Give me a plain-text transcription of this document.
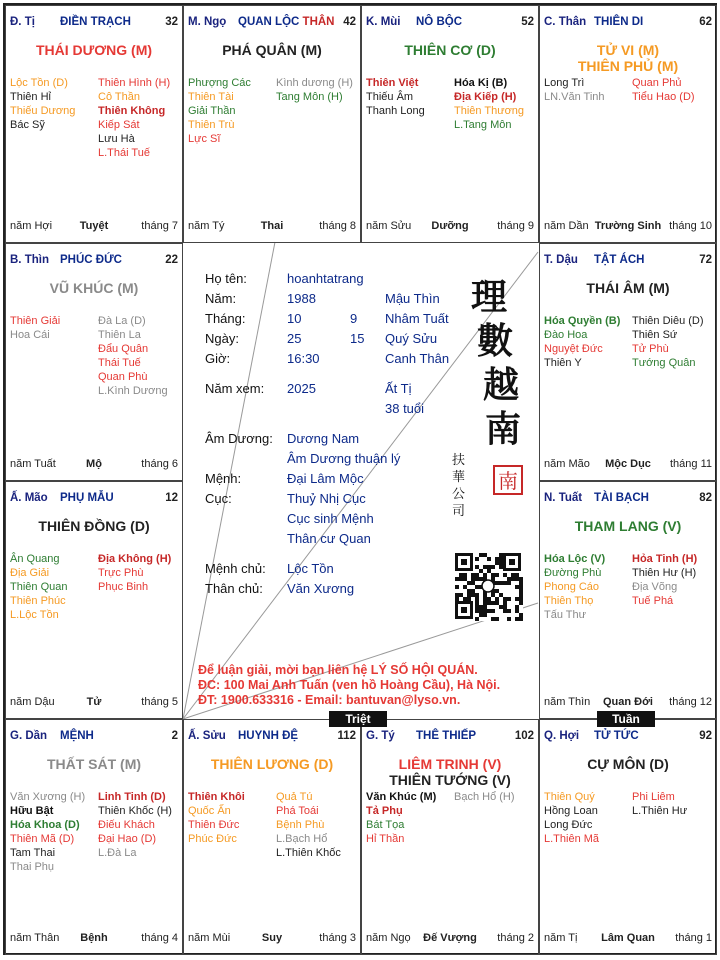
Đ. Tị ĐIỀN TRẠCH	32
THÁI DƯƠNG (M)
Lộc Tồn (D)
Thiên Hỉ
Thiếu Dương
Bác Sỹ
Thiên Hình (H)
Cô Thần
Thiên Không
Kiếp Sát
Lưu Hà
L.Thái Tuế
năm Hợi	Tuyệt	tháng 7
M. Ngọ QUAN LỘC THÂN 42
PHÁ QUÂN (M)
Phượng Các
Thiên Tài
Giải Thần
Thiên Trù
Lực Sĩ
Kình dương (H)
Tang Môn (H)
năm Tý	Thai	tháng 8
K. Mùi NÔ BỘC	52
THIÊN CƠ (D)
Thiên Việt
Thiếu Âm
Thanh Long
Hóa Kị (B)
Địa Kiếp (H)
Thiên Thương
L.Tang Môn
năm Sửu	Dưỡng	tháng 9
C. Thân THIÊN DI	62
TỬ VI (M)
THIÊN PHỦ (M)
Long Trì
LN.Văn Tinh
Quan Phủ
Tiểu Hao (D)
năm Dần Trường Sinh tháng 10
B. Thìn PHÚC ĐỨC	22
VŨ KHÚC (M)
Thiên Giải
Hoa Cái
Đà La (D)
Thiên La
Đẩu Quân
Thái Tuế
Quan Phù
L.Kình Dương
năm Tuất	Mộ	tháng 6
T. Dậu TẬT ÁCH	72
THÁI ÂM (M)
Hóa Quyền (B)
Đào Hoa
Nguyệt Đức
Thiên Y
Thiên Diêu (D)
Thiên Sứ
Tử Phù
Tướng Quân
năm Mão	Mộc Dục	tháng 11
Ấ. Mão PHỤ MẪU	12
THIÊN ĐỒNG (D)
Ân Quang
Địa Giải
Thiên Quan
Thiên Phúc
L.Lộc Tồn
Địa Không (H)
Trực Phù
Phục Binh
năm Dậu	Tử	tháng 5
N. Tuất TÀI BẠCH	82
THAM LANG (V)
Hóa Lộc (V)
Đường Phù
Phong Cáo
Thiên Thọ
Tấu Thư
Hỏa Tinh (H)
Thiên Hư (H)
Địa Võng
Tuế Phá
năm Thìn	Quan Đới	tháng 12
G. Dần MỆNH	2
THẤT SÁT (M)
Văn Xương (H)
Hữu Bật
Hóa Khoa (D)
Thiên Mã (D)
Tam Thai
Thai Phụ
Linh Tinh (D)
Thiên Khốc (H)
Điếu Khách
Đại Hao (D)
L.Đà La
năm Thân	Bệnh	tháng 4
Ấ. Sửu HUYNH ĐỆ	112
THIÊN LƯƠNG (D)
Thiên Khôi
Quốc Ấn
Thiên Đức
Phúc Đức
Quả Tú
Phá Toái
Bệnh Phù
L.Bạch Hổ
L.Thiên Khốc
năm Mùi	Suy	tháng 3
G. Tý THÊ THIẾP	102
LIÊM TRINH (V)
THIÊN TƯỚNG (V)
Văn Khúc (M)
Tả Phụ
Bát Tọa
Hỉ Thần
Bạch Hổ (H)
năm Ngọ	Đế Vượng	tháng 2
Q. Hợi TỬ TỨC	92
CỰ MÔN (D)
Thiên Quý
Hồng Loan
Long Đức
L.Thiên Mã
Phi Liêm
L.Thiên Hư
năm Tị	Lâm Quan	tháng 1
Họ tên:	hoanhtatrang
Năm:	1988	Mậu Thìn
Tháng:	10	9 Nhâm Tuất
Ngày:	25	15 Quý Sửu
Giờ:	16:30	Canh Thân
Năm xem: 2025	Ất Tị
38 tuổi
Âm Dương: Dương Nam
Âm Dương thuận lý
Mệnh:	Đại Lâm Mộc
Cục:	Thuỷ Nhị Cục
Cục sinh Mệnh
Thân cư Quan
Mệnh chủ: Lộc Tồn
Thân chủ: Văn Xương
理
數
越
南
扶華公司
南
Để luận giải, mời bạn liên hệ LÝ SỐ HỘI QUÁN.
ĐC: 100 Mai Anh Tuấn (ven hồ Hoàng Cầu), Hà Nội.
ĐT: 1900.633316 - Email: bantuvan@lyso.vn.
Triệt	Tuần
